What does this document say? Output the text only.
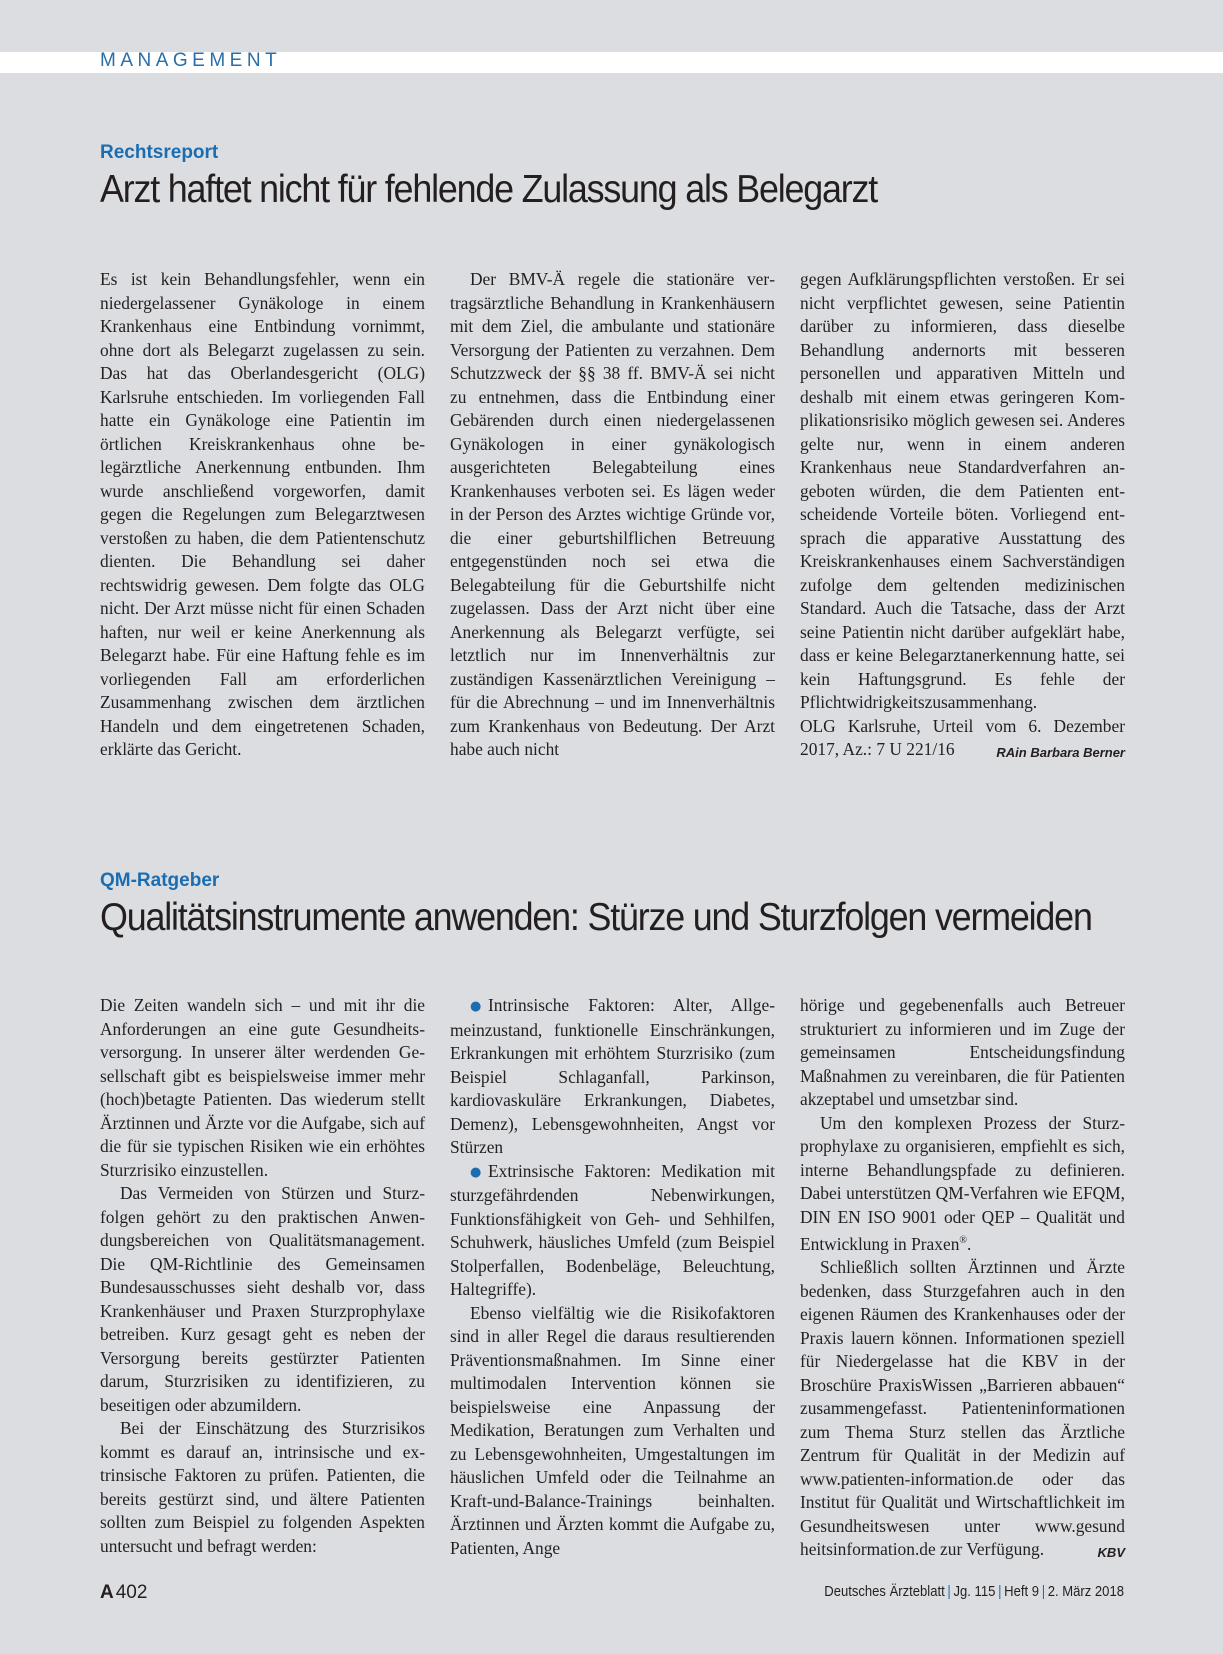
MANAGEMENT

Rechtsreport

Arzt haftet nicht für fehlende Zulassung als Belegarzt

Es ist kein Behandlungsfehler, wenn ein niedergelassener Gynäkologe in einem Krankenhaus eine Entbindung vornimmt, ohne dort als Belegarzt zugelassen zu sein. Das hat das Oberlandesgericht (OLG) Karlsruhe entschieden. Im vorliegenden Fall hatte ein Gynäkologe eine Patientin im örtlichen Kreiskrankenhaus ohne belegärztliche Anerkennung entbunden. Ihm wurde anschließend vorgeworfen, damit gegen die Regelungen zum Belegarztwesen verstoßen zu haben, die dem Patientenschutz dienten. Die Behandlung sei daher rechtswidrig gewesen. Dem folgte das OLG nicht. Der Arzt müsse nicht für einen Schaden haften, nur weil er keine Anerkennung als Belegarzt habe. Für eine Haftung fehle es im vorliegenden Fall am erforderlichen Zusammenhang zwischen dem ärztlichen Handeln und dem eingetretenen Schaden, erklärte das Gericht.

Der BMV-Ä regele die stationäre vertragsärztliche Behandlung in Krankenhäusern mit dem Ziel, die ambulante und stationäre Versorgung der Patienten zu verzahnen. Dem Schutzzweck der §§ 38 ff. BMV-Ä sei nicht zu entnehmen, dass die Entbindung einer Gebärenden durch einen niedergelassenen Gynäkologen in einer gynäkologisch ausgerichteten Belegabteilung eines Krankenhauses verboten sei. Es lägen weder in der Person des Arztes wichtige Gründe vor, die einer geburtshilflichen Betreuung entgegenstünden noch sei etwa die Belegabteilung für die Geburtshilfe nicht zugelassen. Dass der Arzt nicht über eine Anerkennung als Belegarzt verfügte, sei letztlich nur im Innenverhältnis zur zuständigen Kassenärztlichen Vereinigung – für die Abrechnung – und im Innenverhältnis zum Krankenhaus von Bedeutung. Der Arzt habe auch nicht

gegen Aufklärungspflichten verstoßen. Er sei nicht verpflichtet gewesen, seine Patientin darüber zu informieren, dass dieselbe Behandlung andernorts mit besseren personellen und apparativen Mitteln und deshalb mit einem etwas geringeren Komplikationsrisiko möglich gewesen sei. Anderes gelte nur, wenn in einem anderen Krankenhaus neue Standardverfahren angeboten würden, die dem Patienten entscheidende Vorteile böten. Vorliegend entsprach die apparative Ausstattung des Kreiskrankenhauses einem Sachverständigen zufolge dem geltenden medizinischen Standard. Auch die Tatsache, dass der Arzt seine Patientin nicht darüber aufgeklärt habe, dass er keine Belegarztanerkennung hatte, sei kein Haftungsgrund. Es fehle der Pflichtwidrigkeitszusammenhang.

OLG Karlsruhe, Urteil vom 6. Dezember 2017, Az.: 7 U 221/16	RAin Barbara Berner

QM-Ratgeber

Qualitätsinstrumente anwenden: Stürze und Sturzfolgen vermeiden

Die Zeiten wandeln sich – und mit ihr die Anforderungen an eine gute Gesundheitsversorgung. In unserer älter werdenden Gesellschaft gibt es beispielsweise immer mehr (hoch)betagte Patienten. Das wiederum stellt Ärztinnen und Ärzte vor die Aufgabe, sich auf die für sie typischen Risiken wie ein erhöhtes Sturzrisiko einzustellen.

Das Vermeiden von Stürzen und Sturzfolgen gehört zu den praktischen Anwendungsbereichen von Qualitätsmanagement. Die QM-Richtlinie des Gemeinsamen Bundesausschusses sieht deshalb vor, dass Krankenhäuser und Praxen Sturzprophylaxe betreiben. Kurz gesagt geht es neben der Versorgung bereits gestürzter Patienten darum, Sturzrisiken zu identifizieren, zu beseitigen oder abzumildern.

Bei der Einschätzung des Sturzrisikos kommt es darauf an, intrinsische und extrinsische Faktoren zu prüfen. Patienten, die bereits gestürzt sind, und ältere Patienten sollten zum Beispiel zu folgenden Aspekten untersucht und befragt werden:

● Intrinsische Faktoren: Alter, Allgemeinzustand, funktionelle Einschränkungen, Erkrankungen mit erhöhtem Sturzrisiko (zum Beispiel Schlaganfall, Parkinson, kardiovaskuläre Erkrankungen, Diabetes, Demenz), Lebensgewohnheiten, Angst vor Stürzen

● Extrinsische Faktoren: Medikation mit sturzgefährdenden Nebenwirkungen, Funktionsfähigkeit von Geh- und Sehhilfen, Schuhwerk, häusliches Umfeld (zum Beispiel Stolperfallen, Bodenbeläge, Beleuchtung, Haltegriffe).

Ebenso vielfältig wie die Risikofaktoren sind in aller Regel die daraus resultierenden Präventionsmaßnahmen. Im Sinne einer multimodalen Intervention können sie beispielsweise eine Anpassung der Medikation, Beratungen zum Verhalten und zu Lebensgewohnheiten, Umgestaltungen im häuslichen Umfeld oder die Teilnahme an Kraft-und-Balance-Trainings beinhalten. Ärztinnen und Ärzten kommt die Aufgabe zu, Patienten, Ange

hörige und gegebenenfalls auch Betreuer strukturiert zu informieren und im Zuge der gemeinsamen Entscheidungsfindung Maßnahmen zu vereinbaren, die für Patienten akzeptabel und umsetzbar sind.

Um den komplexen Prozess der Sturzprophylaxe zu organisieren, empfiehlt es sich, interne Behandlungspfade zu definieren. Dabei unterstützen QM-Verfahren wie EFQM, DIN EN ISO 9001 oder QEP – Qualität und Entwicklung in Praxen®.

Schließlich sollten Ärztinnen und Ärzte bedenken, dass Sturzgefahren auch in den eigenen Räumen des Krankenhauses oder der Praxis lauern können. Informationen speziell für Niedergelasse hat die KBV in der Broschüre PraxisWissen „Barrieren abbauen“ zusammengefasst. Patienteninformationen zum Thema Sturz stellen das Ärztliche Zentrum für Qualität in der Medizin auf www.patienten-information.de oder das Institut für Qualität und Wirtschaftlichkeit im Gesundheitswesen unter www.gesund heitsinformation.de zur Verfügung.	KBV

A 402	Deutsches Ärzteblatt | Jg. 115 | Heft 9 | 2. März 2018
